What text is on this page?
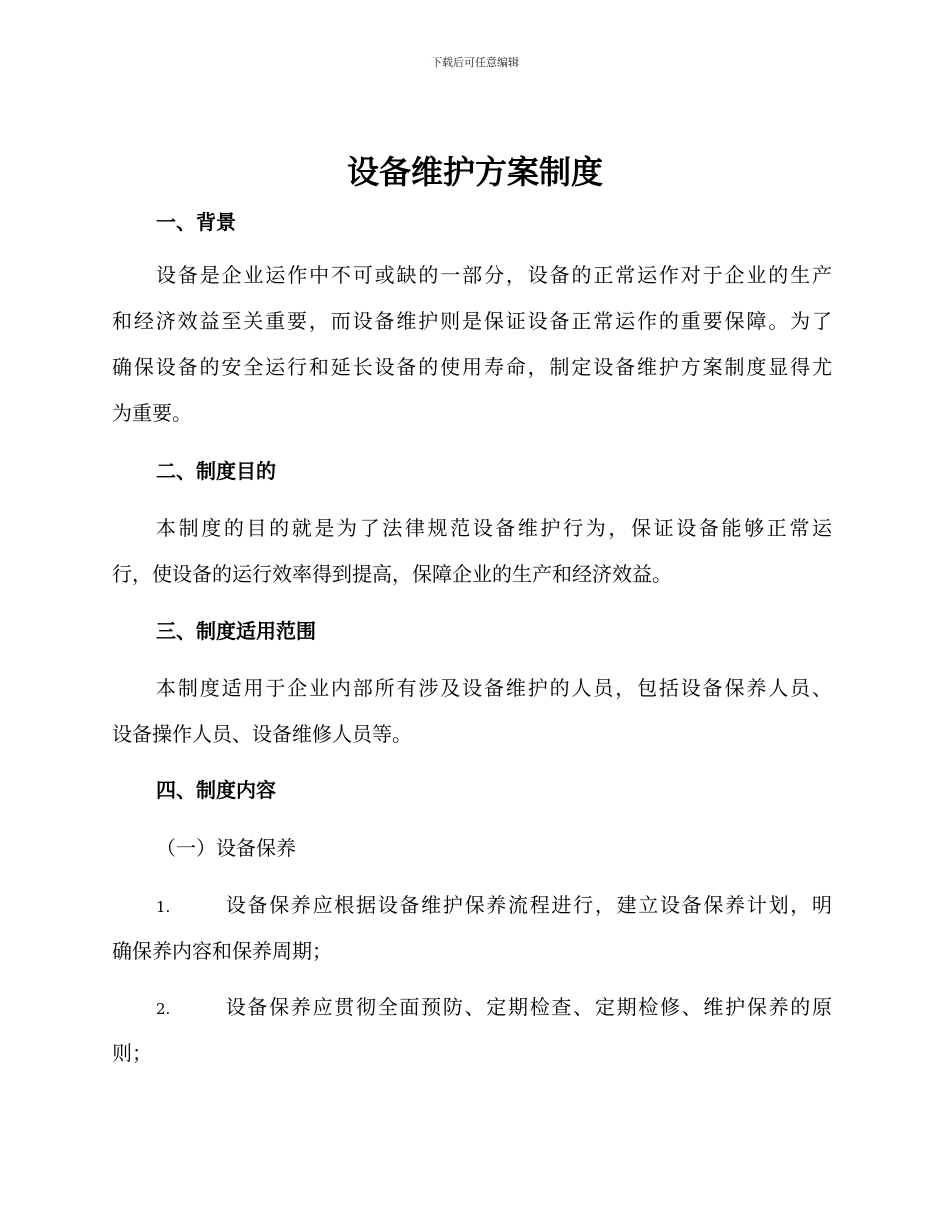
下载后可任意编辑
设备维护方案制度
一、背景
设备是企业运作中不可或缺的一部分，设备的正常运作对于企业的生产
和经济效益至关重要，而设备维护则是保证设备正常运作的重要保障。为了
确保设备的安全运行和延长设备的使用寿命，制定设备维护方案制度显得尤
为重要。
二、制度目的
本制度的目的就是为了法律规范设备维护行为，保证设备能够正常运
行，使设备的运行效率得到提高，保障企业的生产和经济效益。
三、制度适用范围
本制度适用于企业内部所有涉及设备维护的人员，包括设备保养人员、
设备操作人员、设备维修人员等。
四、制度内容
（一）设备保养
1.	设备保养应根据设备维护保养流程进行，建立设备保养计划，明
确保养内容和保养周期；
2.	设备保养应贯彻全面预防、定期检查、定期检修、维护保养的原
则；
